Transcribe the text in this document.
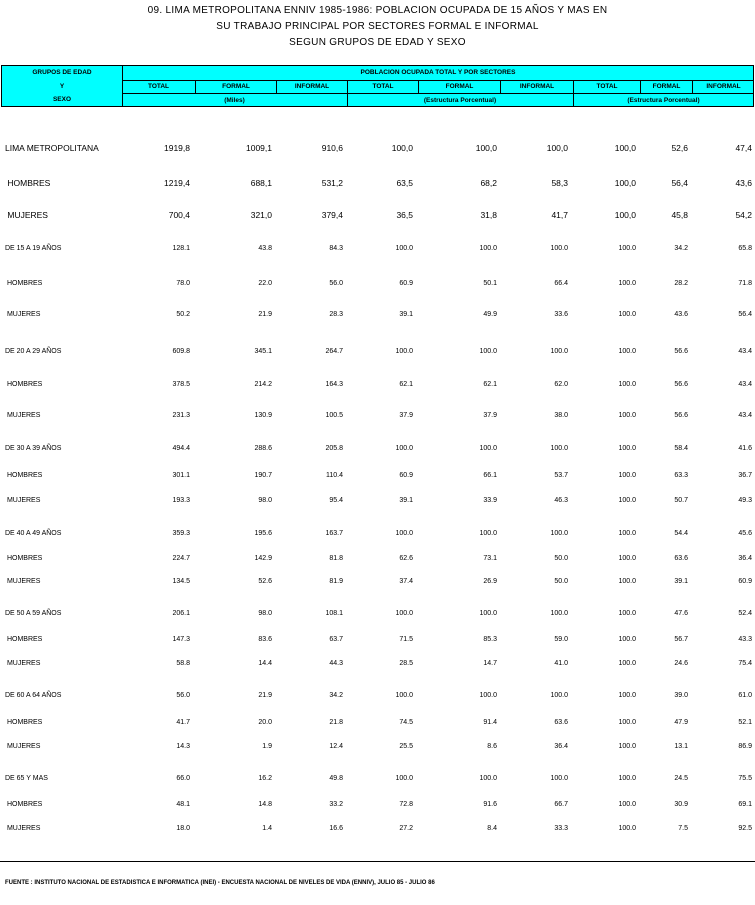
09. LIMA METROPOLITANA ENNIV 1985-1986: POBLACION OCUPADA DE 15 AÑOS Y MAS EN
SU TRABAJO PRINCIPAL POR SECTORES FORMAL E INFORMAL
SEGUN GRUPOS DE EDAD Y SEXO
GRUPOS DE EDAD
Y
SEXO
POBLACION OCUPADA TOTAL Y POR SECTORES
TOTAL	FORMAL	INFORMAL	TOTAL	FORMAL	INFORMAL	TOTAL	FORMAL	INFORMAL
(Miles)	(Estructura Porcentual)	(Estructura Porcentual)
LIMA METROPOLITANA	1919,8	1009,1	910,6	100,0	100,0	100,0	100,0	52,6	47,4
HOMBRES	1219,4	688,1	531,2	63,5	68,2	58,3	100,0	56,4	43,6
MUJERES	700,4	321,0	379,4	36,5	31,8	41,7	100,0	45,8	54,2
DE 15 A 19 AÑOS	128.1	43.8	84.3	100.0	100.0	100.0	100.0	34.2	65.8
HOMBRES	78.0	22.0	56.0	60.9	50.1	66.4	100.0	28.2	71.8
MUJERES	50.2	21.9	28.3	39.1	49.9	33.6	100.0	43.6	56.4
DE 20 A 29 AÑOS	609.8	345.1	264.7	100.0	100.0	100.0	100.0	56.6	43.4
HOMBRES	378.5	214.2	164.3	62.1	62.1	62.0	100.0	56.6	43.4
MUJERES	231.3	130.9	100.5	37.9	37.9	38.0	100.0	56.6	43.4
DE 30 A 39 AÑOS	494.4	288.6	205.8	100.0	100.0	100.0	100.0	58.4	41.6
HOMBRES	301.1	190.7	110.4	60.9	66.1	53.7	100.0	63.3	36.7
MUJERES	193.3	98.0	95.4	39.1	33.9	46.3	100.0	50.7	49.3
DE 40 A 49 AÑOS	359.3	195.6	163.7	100.0	100.0	100.0	100.0	54.4	45.6
HOMBRES	224.7	142.9	81.8	62.6	73.1	50.0	100.0	63.6	36.4
MUJERES	134.5	52.6	81.9	37.4	26.9	50.0	100.0	39.1	60.9
DE 50 A 59 AÑOS	206.1	98.0	108.1	100.0	100.0	100.0	100.0	47.6	52.4
HOMBRES	147.3	83.6	63.7	71.5	85.3	59.0	100.0	56.7	43.3
MUJERES	58.8	14.4	44.3	28.5	14.7	41.0	100.0	24.6	75.4
DE 60 A 64 AÑOS	56.0	21.9	34.2	100.0	100.0	100.0	100.0	39.0	61.0
HOMBRES	41.7	20.0	21.8	74.5	91.4	63.6	100.0	47.9	52.1
MUJERES	14.3	1.9	12.4	25.5	8.6	36.4	100.0	13.1	86.9
DE 65 Y MAS	66.0	16.2	49.8	100.0	100.0	100.0	100.0	24.5	75.5
HOMBRES	48.1	14.8	33.2	72.8	91.6	66.7	100.0	30.9	69.1
MUJERES	18.0	1.4	16.6	27.2	8.4	33.3	100.0	7.5	92.5
FUENTE : INSTITUTO NACIONAL DE ESTADISTICA E INFORMATICA (INEI) - ENCUESTA NACIONAL DE NIVELES DE VIDA (ENNIV), JULIO 85 - JULIO 86
